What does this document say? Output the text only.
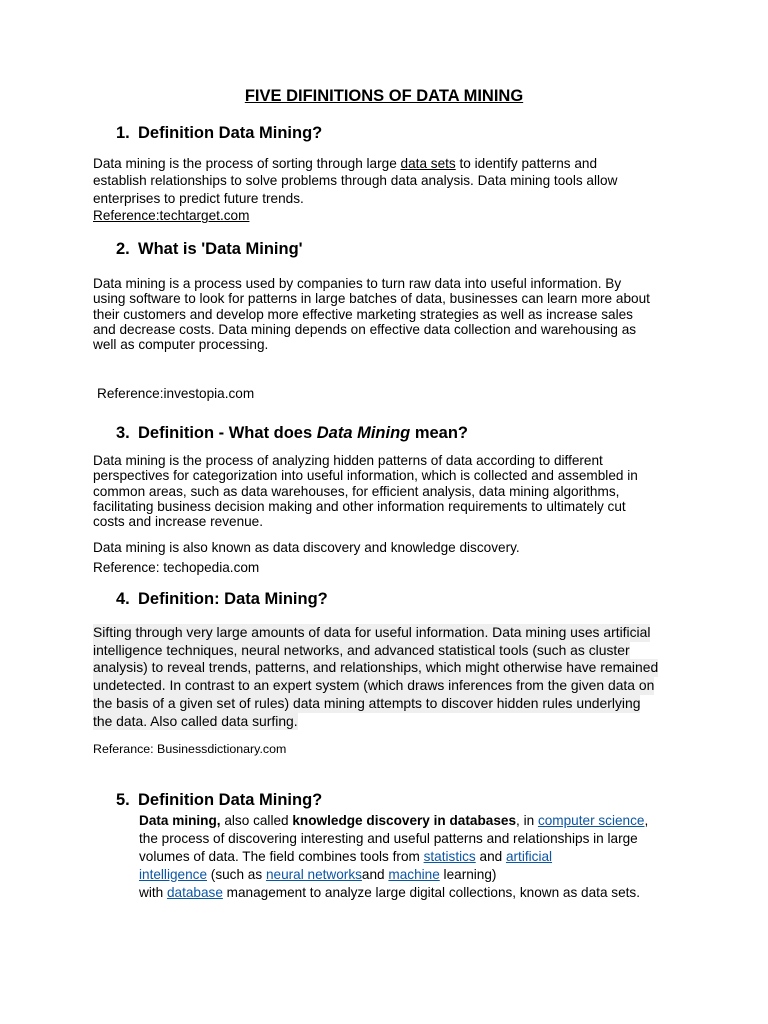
FIVE DIFINITIONS OF DATA MINING
1. Definition Data Mining?
Data mining is the process of sorting through large data sets to identify patterns and
establish relationships to solve problems through data analysis. Data mining tools allow
enterprises to predict future trends.
Reference:techtarget.com
2. What is 'Data Mining'
Data mining is a process used by companies to turn raw data into useful information. By
using software to look for patterns in large batches of data, businesses can learn more about
their customers and develop more effective marketing strategies as well as increase sales
and decrease costs. Data mining depends on effective data collection and warehousing as
well as computer processing.
Reference:investopia.com
3. Definition - What does Data Mining mean?
Data mining is the process of analyzing hidden patterns of data according to different
perspectives for categorization into useful information, which is collected and assembled in
common areas, such as data warehouses, for efficient analysis, data mining algorithms,
facilitating business decision making and other information requirements to ultimately cut
costs and increase revenue.
Data mining is also known as data discovery and knowledge discovery.
Reference: techopedia.com
4. Definition: Data Mining?
Sifting through very large amounts of data for useful information. Data mining uses artificial
intelligence techniques, neural networks, and advanced statistical tools (such as cluster
analysis) to reveal trends, patterns, and relationships, which might otherwise have remained
undetected. In contrast to an expert system (which draws inferences from the given data on
the basis of a given set of rules) data mining attempts to discover hidden rules underlying
the data. Also called data surfing.
Referance: Businessdictionary.com
5. Definition Data Mining?
Data mining, also called knowledge discovery in databases, in computer science,
the process of discovering interesting and useful patterns and relationships in large
volumes of data. The field combines tools from statistics and artificial
intelligence (such as neural networksand machine learning)
with database management to analyze large digital collections, known as data sets.
